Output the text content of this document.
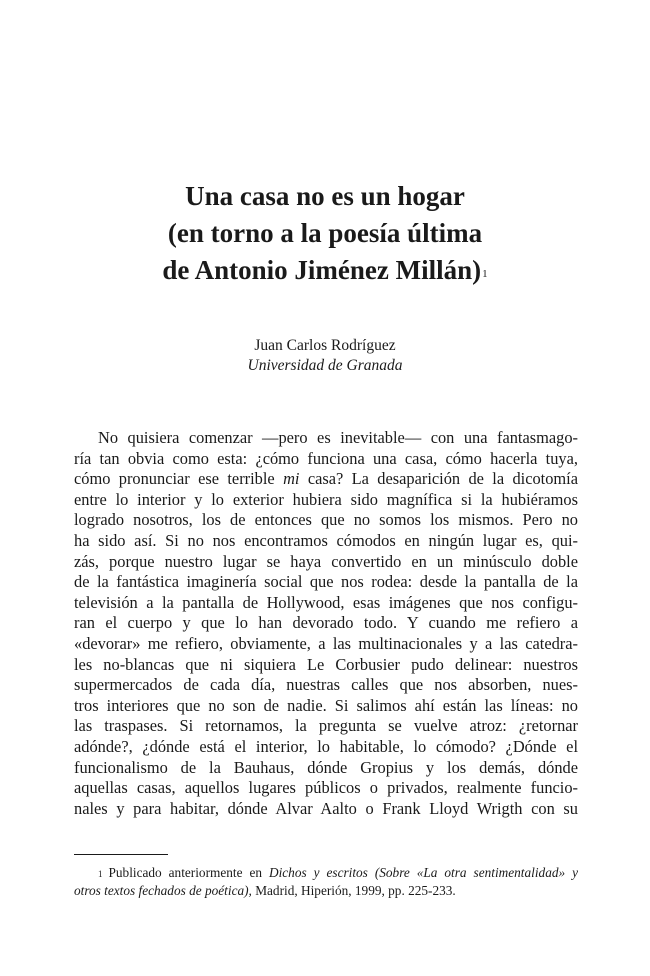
Una casa no es un hogar
(en torno a la poesía última
de Antonio Jiménez Millán)$^1$
Juan Carlos Rodríguez
Universidad de Granada
No quisiera comenzar —pero es inevitable— con una fantasmago-
ría tan obvia como esta: ¿cómo funciona una casa, cómo hacerla tuya,
cómo pronunciar ese terrible mi casa? La desaparición de la dicotomía
entre lo interior y lo exterior hubiera sido magnífica si la hubiéramos
logrado nosotros, los de entonces que no somos los mismos. Pero no
ha sido así. Si no nos encontramos cómodos en ningún lugar es, qui-
zás, porque nuestro lugar se haya convertido en un minúsculo doble
de la fantástica imaginería social que nos rodea: desde la pantalla de la
televisión a la pantalla de Hollywood, esas imágenes que nos configu-
ran el cuerpo y que lo han devorado todo. Y cuando me refiero a
«devorar» me refiero, obviamente, a las multinacionales y a las catedra-
les no-blancas que ni siquiera Le Corbusier pudo delinear: nuestros
supermercados de cada día, nuestras calles que nos absorben, nues-
tros interiores que no son de nadie. Si salimos ahí están las líneas: no
las traspases. Si retornamos, la pregunta se vuelve atroz: ¿retornar
adónde?, ¿dónde está el interior, lo habitable, lo cómodo? ¿Dónde el
funcionalismo de la Bauhaus, dónde Gropius y los demás, dónde
aquellas casas, aquellos lugares públicos o privados, realmente funcio-
nales y para habitar, dónde Alvar Aalto o Frank Lloyd Wrigth con su
$^1$ Publicado anteriormente en Dichos y escritos (Sobre «La otra sentimentalidad» y
otros textos fechados de poética), Madrid, Hiperión, 1999, pp. 225-233.
